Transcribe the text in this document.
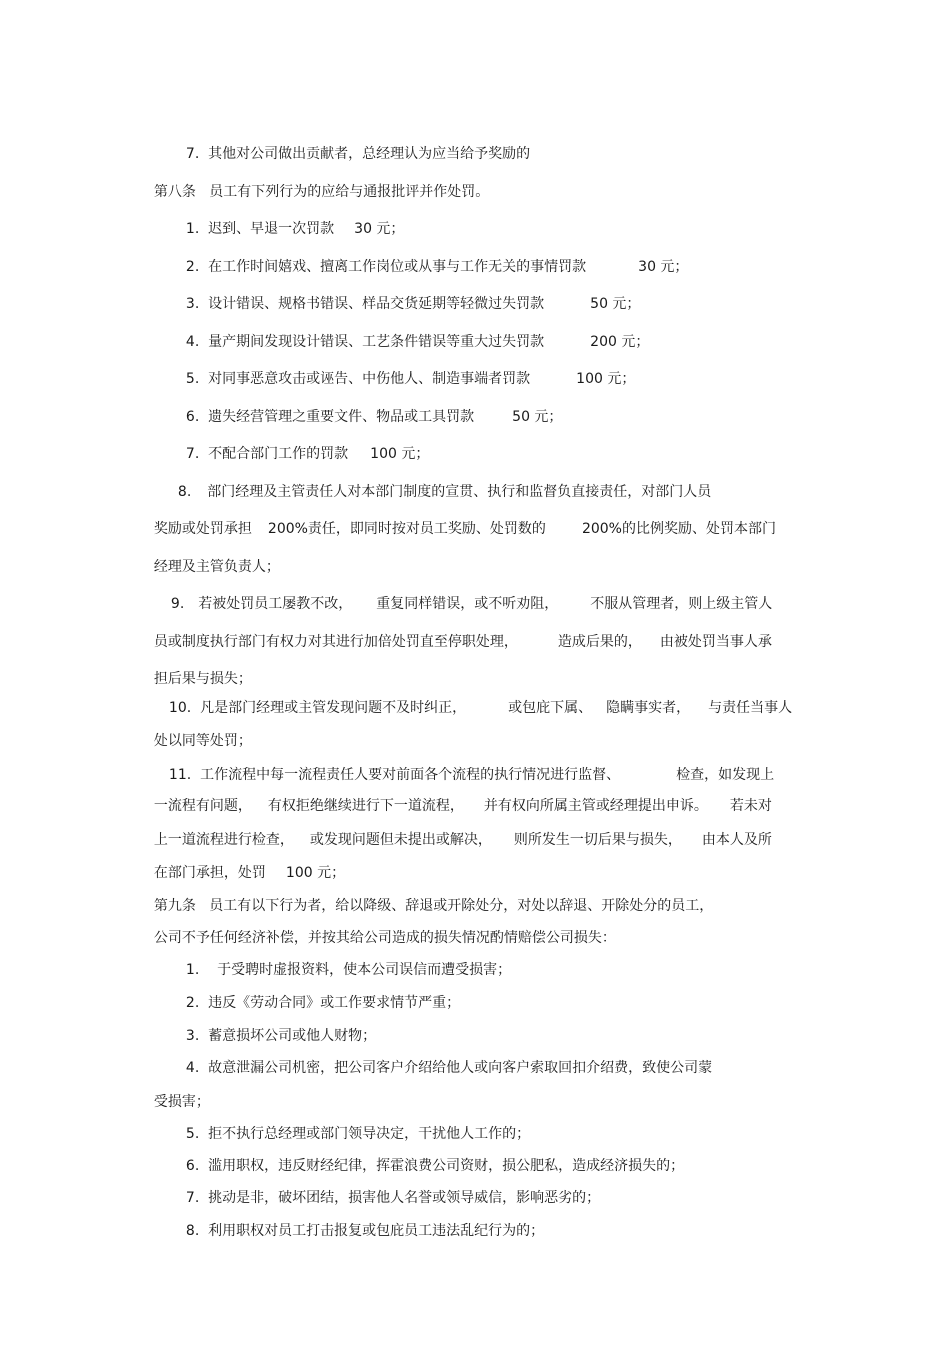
7.  其他对公司做出贡献者，总经理认为应当给予奖励的

第八条   员工有下列行为的应给与通报批评并作处罚。

1.  迟到、早退一次罚款 30 元；

2.  在工作时间嬉戏、擅离工作岗位或从事与工作无关的事情罚款	30 元；

3.  设计错误、规格书错误、样品交货延期等轻微过失罚款	50 元；

4.  量产期间发现设计错误、工艺条件错误等重大过失罚款	200 元；

5.  对同事恶意攻击或诬告、中伤他人、制造事端者罚款	100 元；

6.  遗失经营管理之重要文件、物品或工具罚款	50 元；

7.  不配合部门工作的罚款 100 元；

8. 部门经理及主管责任人对本部门制度的宣贯、执行和监督负直接责任，对部门人员

奖励或处罚承担 200%责任，即同时按对员工奖励、处罚数的	200%的比例奖励、处罚本部门

经理及主管负责人；

9. 若被处罚员工屡教不改， 重复同样错误，或不听劝阻， 不服从管理者，则上级主管人

员或制度执行部门有权力对其进行加倍处罚直至停职处理，	造成后果的， 由被处罚当事人承

担后果与损失；

10.  凡是部门经理或主管发现问题不及时纠正，	或包庇下属、 隐瞒事实者， 与责任当事人

处以同等处罚；

11.  工作流程中每一流程责任人要对前面各个流程的执行情况进行监督、	检查，如发现上

一流程有问题， 有权拒绝继续进行下一道流程， 并有权向所属主管或经理提出申诉。 若未对

上一道流程进行检查， 或发现问题但未提出或解决， 则所发生一切后果与损失， 由本人及所

在部门承担，处罚 100 元；

第九条   员工有以下行为者，给以降级、辞退或开除处分，对处以辞退、开除处分的员工，

公司不予任何经济补偿，并按其给公司造成的损失情况酌情赔偿公司损失：

1.    于受聘时虚报资料，使本公司误信而遭受损害；

2.  违反《劳动合同》或工作要求情节严重；

3.  蓄意损坏公司或他人财物；

4.  故意泄漏公司机密，把公司客户介绍给他人或向客户索取回扣介绍费，致使公司蒙

受损害；

5.  拒不执行总经理或部门领导决定，干扰他人工作的；

6.  滥用职权，违反财经纪律，挥霍浪费公司资财，损公肥私，造成经济损失的；

7.  挑动是非，破坏团结，损害他人名誉或领导威信，影响恶劣的；

8.  利用职权对员工打击报复或包庇员工违法乱纪行为的；
